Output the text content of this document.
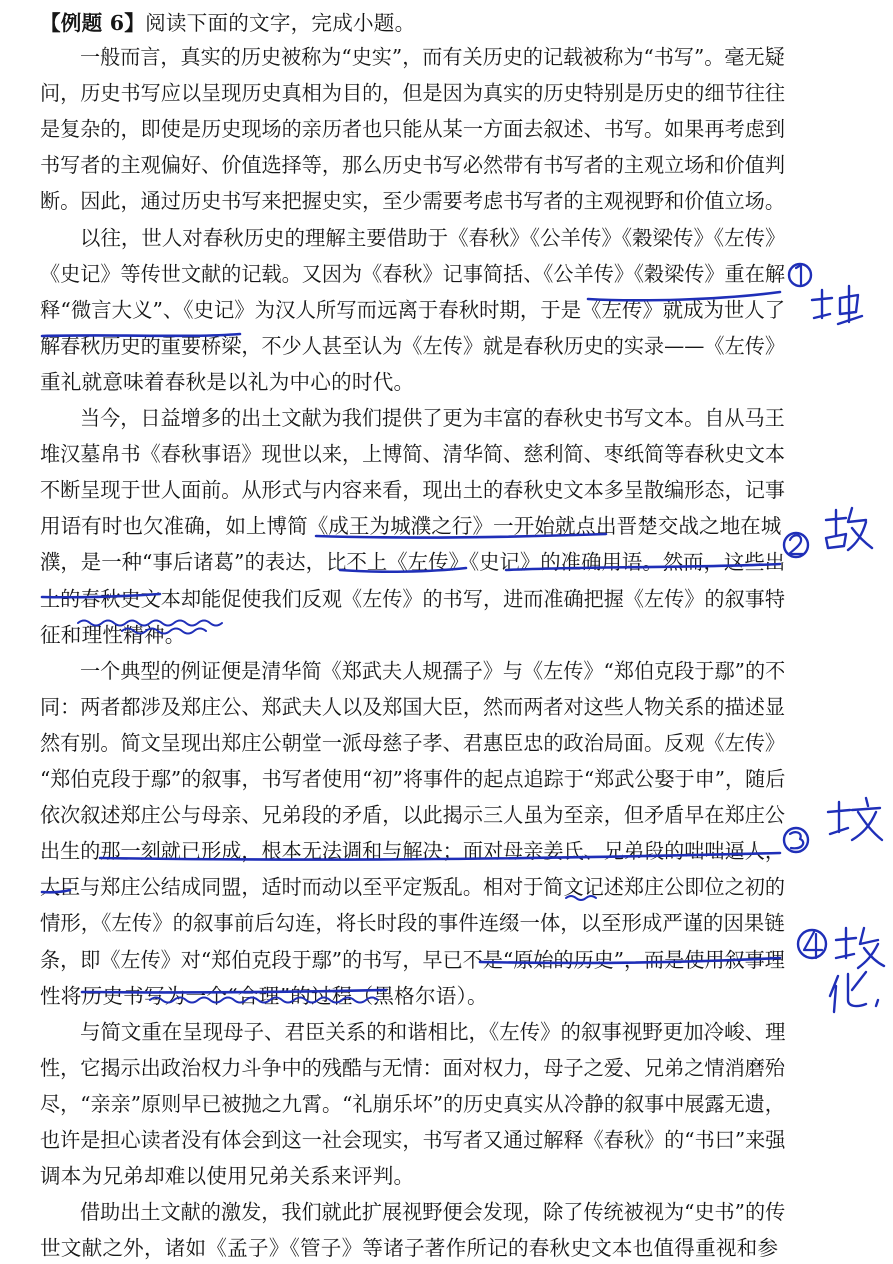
【例题 6】阅读下面的文字，完成小题。
一般而言，真实的历史被称为“史实”，而有关历史的记载被称为“书写”。毫无疑
问，历史书写应以呈现历史真相为目的，但是因为真实的历史特别是历史的细节往往
是复杂的，即使是历史现场的亲历者也只能从某一方面去叙述、书写。如果再考虑到
书写者的主观偏好、价值选择等，那么历史书写必然带有书写者的主观立场和价值判
断。因此，通过历史书写来把握史实，至少需要考虑书写者的主观视野和价值立场。
以往，世人对春秋历史的理解主要借助于《春秋》《公羊传》《穀梁传》《左传》
《史记》等传世文献的记载。又因为《春秋》记事简括、《公羊传》《穀梁传》重在解
释“微言大义”、《史记》为汉人所写而远离于春秋时期，于是《左传》就成为世人了
解春秋历史的重要桥梁，不少人甚至认为《左传》就是春秋历史的实录——《左传》
重礼就意味着春秋是以礼为中心的时代。
当今，日益增多的出土文献为我们提供了更为丰富的春秋史书写文本。自从马王
堆汉墓帛书《春秋事语》现世以来，上博简、清华简、慈利简、枣纸简等春秋史文本
不断呈现于世人面前。从形式与内容来看，现出土的春秋史文本多呈散编形态，记事
用语有时也欠准确，如上博简《成王为城濮之行》一开始就点出晋楚交战之地在城
濮，是一种“事后诸葛”的表达，比不上《左传》《史记》的准确用语。然而，这些出
土的春秋史文本却能促使我们反观《左传》的书写，进而准确把握《左传》的叙事特
征和理性精神。
一个典型的例证便是清华简《郑武夫人规孺子》与《左传》“郑伯克段于鄢”的不
同：两者都涉及郑庄公、郑武夫人以及郑国大臣，然而两者对这些人物关系的描述显
然有别。简文呈现出郑庄公朝堂一派母慈子孝、君惠臣忠的政治局面。反观《左传》
“郑伯克段于鄢”的叙事，书写者使用“初”将事件的起点追踪于“郑武公娶于申”，随后
依次叙述郑庄公与母亲、兄弟段的矛盾，以此揭示三人虽为至亲，但矛盾早在郑庄公
出生的那一刻就已形成，根本无法调和与解决；面对母亲姜氏、兄弟段的咄咄逼人，
大臣与郑庄公结成同盟，适时而动以至平定叛乱。相对于简文记述郑庄公即位之初的
情形，《左传》的叙事前后勾连，将长时段的事件连缀一体，以至形成严谨的因果链
条，即《左传》对“郑伯克段于鄢”的书写，早已不是“原始的历史”，而是使用叙事理
性将历史书写为一个“合理”的过程（黑格尔语）。
与简文重在呈现母子、君臣关系的和谐相比，《左传》的叙事视野更加冷峻、理
性，它揭示出政治权力斗争中的残酷与无情：面对权力，母子之爱、兄弟之情消磨殆
尽，“亲亲”原则早已被抛之九霄。“礼崩乐坏”的历史真实从冷静的叙事中展露无遗，
也许是担心读者没有体会到这一社会现实，书写者又通过解释《春秋》的“书曰”来强
调本为兄弟却难以使用兄弟关系来评判。
借助出土文献的激发，我们就此扩展视野便会发现，除了传统被视为“史书”的传
世文献之外，诸如《孟子》《管子》等诸子著作所记的春秋史文本也值得重视和参
